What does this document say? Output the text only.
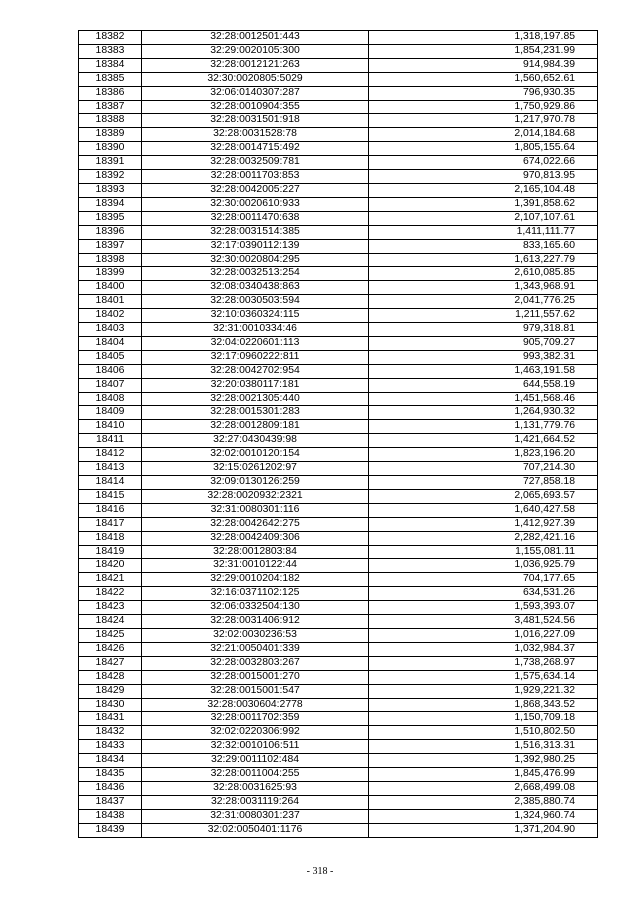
18382	32:28:0012501:443	1,318,197.85
18383	32:29:0020105:300	1,854,231.99
18384	32:28:0012121:263	914,984.39
18385	32:30:0020805:5029	1,560,652.61
18386	32:06:0140307:287	796,930.35
18387	32:28:0010904:355	1,750,929.86
18388	32:28:0031501:918	1,217,970.78
18389	32:28:0031528:78	2,014,184.68
18390	32:28:0014715:492	1,805,155.64
18391	32:28:0032509:781	674,022.66
18392	32:28:0011703:853	970,813.95
18393	32:28:0042005:227	2,165,104.48
18394	32:30:0020610:933	1,391,858.62
18395	32:28:0011470:638	2,107,107.61
18396	32:28:0031514:385	1,411,111.77
18397	32:17:0390112:139	833,165.60
18398	32:30:0020804:295	1,613,227.79
18399	32:28:0032513:254	2,610,085.85
18400	32:08:0340438:863	1,343,968.91
18401	32:28:0030503:594	2,041,776.25
18402	32:10:0360324:115	1,211,557.62
18403	32:31:0010334:46	979,318.81
18404	32:04:0220601:113	905,709.27
18405	32:17:0960222:811	993,382.31
18406	32:28:0042702:954	1,463,191.58
18407	32:20:0380117:181	644,558.19
18408	32:28:0021305:440	1,451,568.46
18409	32:28:0015301:283	1,264,930.32
18410	32:28:0012809:181	1,131,779.76
18411	32:27:0430439:98	1,421,664.52
18412	32:02:0010120:154	1,823,196.20
18413	32:15:0261202:97	707,214.30
18414	32:09:0130126:259	727,858.18
18415	32:28:0020932:2321	2,065,693.57
18416	32:31:0080301:116	1,640,427.58
18417	32:28:0042642:275	1,412,927.39
18418	32:28:0042409:306	2,282,421.16
18419	32:28:0012803:84	1,155,081.11
18420	32:31:0010122:44	1,036,925.79
18421	32:29:0010204:182	704,177.65
18422	32:16:0371102:125	634,531.26
18423	32:06:0332504:130	1,593,393.07
18424	32:28:0031406:912	3,481,524.56
18425	32:02:0030236:53	1,016,227.09
18426	32:21:0050401:339	1,032,984.37
18427	32:28:0032803:267	1,738,268.97
18428	32:28:0015001:270	1,575,634.14
18429	32:28:0015001:547	1,929,221.32
18430	32:28:0030604:2778	1,868,343.52
18431	32:28:0011702:359	1,150,709.18
18432	32:02:0220306:992	1,510,802.50
18433	32:32:0010106:511	1,516,313.31
18434	32:29:0011102:484	1,392,980.25
18435	32:28:0011004:255	1,845,476.99
18436	32:28:0031625:93	2,668,499.08
18437	32:28:0031119:264	2,385,880.74
18438	32:31:0080301:237	1,324,960.74
18439	32:02:0050401:1176	1,371,204.90
- 318 -
